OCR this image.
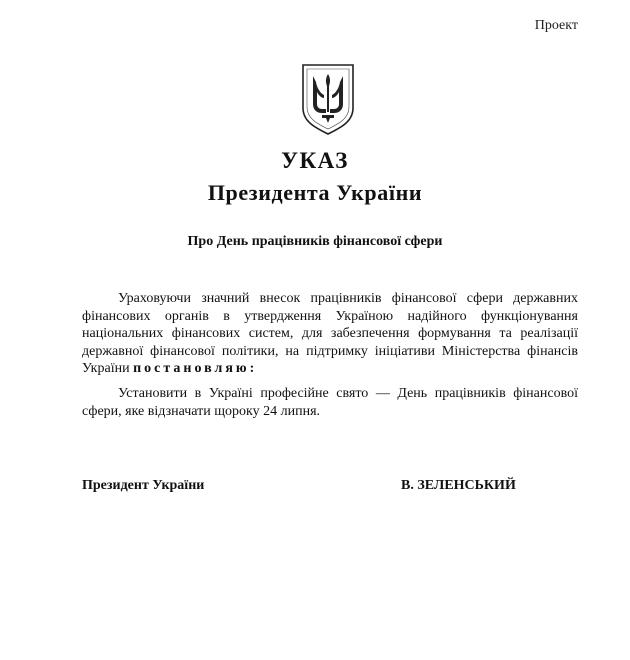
Проект
УКАЗ
Президента України
Про День працівників фінансової сфери

Ураховуючи значний внесок працівників фінансової сфери державних фінансових органів в утвердження Україною надійного функціонування національних фінансових систем, для забезпечення формування та реалізації державної фінансової політики, на підтримку ініціативи Міністерства фінансів України постановляю:

Установити в Україні професійне свято — День працівників фінансової сфери, яке відзначати щороку 24 липня.

Президент України	В. ЗЕЛЕНСЬКИЙ
